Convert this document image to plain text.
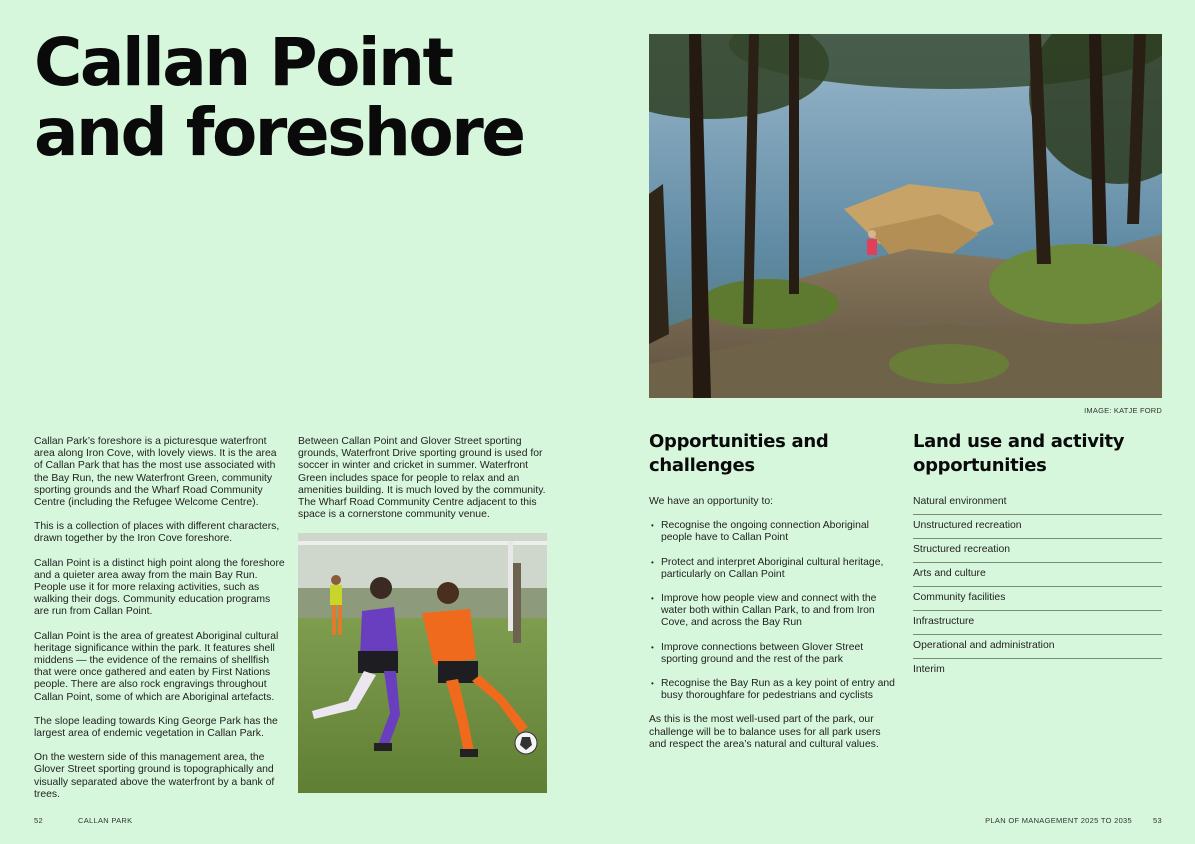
Callan Point and foreshore

Callan Park’s foreshore is a picturesque waterfront area along Iron Cove, with lovely views. It is the area of Callan Park that has the most use associated with the Bay Run, the new Waterfront Green, community sporting grounds and the Wharf Road Community Centre (including the Refugee Welcome Centre).

This is a collection of places with different characters, drawn together by the Iron Cove foreshore.

Callan Point is a distinct high point along the foreshore and a quieter area away from the main Bay Run. People use it for more relaxing activities, such as walking their dogs. Community education programs are run from Callan Point.

Callan Point is the area of greatest Aboriginal cultural heritage significance within the park. It features shell middens — the evidence of the remains of shellfish that were once gathered and eaten by First Nations people. There are also rock engravings throughout Callan Point, some of which are Aboriginal artefacts.

The slope leading towards King George Park has the largest area of endemic vegetation in Callan Park.

On the western side of this management area, the Glover Street sporting ground is topographically and visually separated above the waterfront by a bank of trees.

Between Callan Point and Glover Street sporting grounds, Waterfront Drive sporting ground is used for soccer in winter and cricket in summer. Waterfront Green includes space for people to relax and an amenities building. It is much loved by the community. The Wharf Road Community Centre adjacent to this space is a cornerstone community venue.

IMAGE: KATJE FORD
Opportunities and challenges

We have an opportunity to:

• Recognise the ongoing connection Aboriginal people have to Callan Point
• Protect and interpret Aboriginal cultural heritage, particularly on Callan Point
• Improve how people view and connect with the water both within Callan Park, to and from Iron Cove, and across the Bay Run
• Improve connections between Glover Street sporting ground and the rest of the park
• Recognise the Bay Run as a key point of entry and busy thoroughfare for pedestrians and cyclists

As this is the most well-used part of the park, our challenge will be to balance uses for all park users and respect the area’s natural and cultural values.

Land use and activity opportunities
Natural environment
Unstructured recreation
Structured recreation
Arts and culture
Community facilities
Infrastructure
Operational and administration
Interim
52	CALLAN PARK	PLAN OF MANAGEMENT 2025 TO 2035	53
